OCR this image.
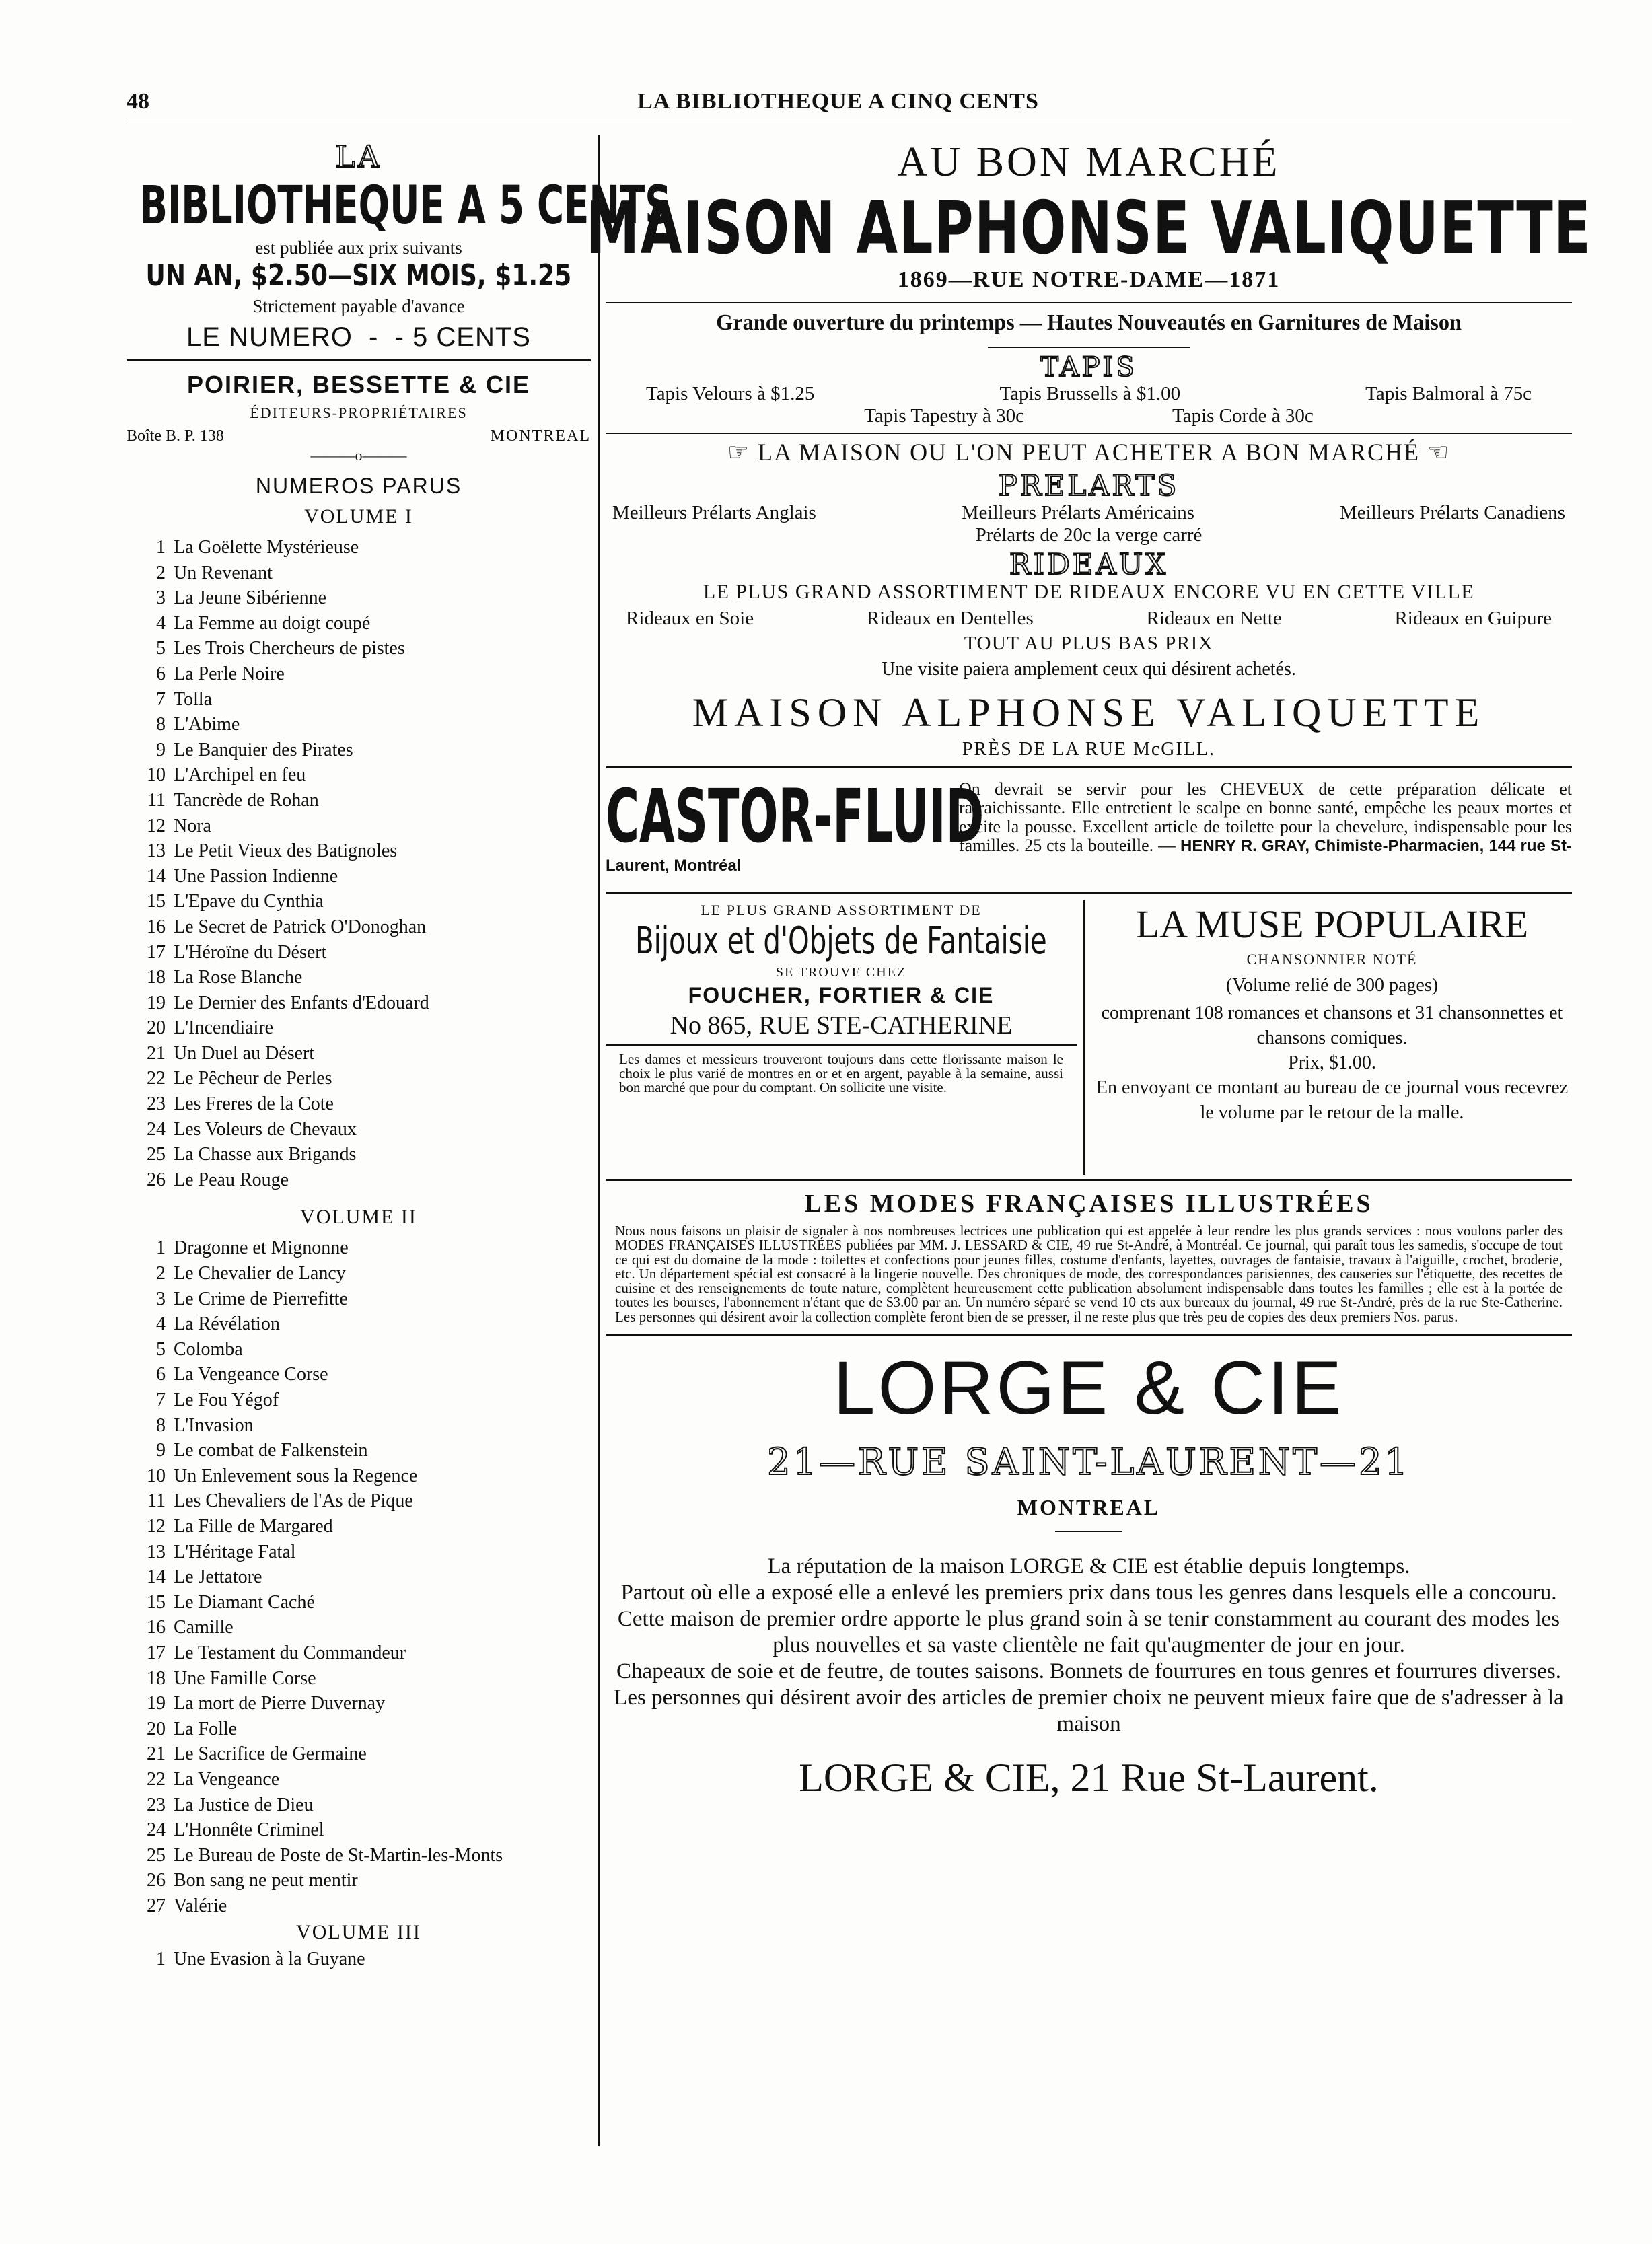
48	LA BIBLIOTHEQUE A CINQ CENTS
LA
BIBLIOTHEQUE A 5 CENTS
est publiée aux prix suivants
UN AN, $2.50—SIX MOIS, $1.25
Strictement payable d'avance
LE NUMERO  -  - 5 CENTS
POIRIER, BESSETTE & CIE
ÉDITEURS-PROPRIÉTAIRES
Boîte B. P. 138	MONTREAL
———o———
NUMEROS PARUS
VOLUME I
1 La Goëlette Mystérieuse
2 Un Revenant
3 La Jeune Sibérienne
4 La Femme au doigt coupé
5 Les Trois Chercheurs de pistes
6 La Perle Noire
7 Tolla
8 L'Abime
9 Le Banquier des Pirates
10 L'Archipel en feu
11 Tancrède de Rohan
12 Nora
13 Le Petit Vieux des Batignoles
14 Une Passion Indienne
15 L'Epave du Cynthia
16 Le Secret de Patrick O'Donoghan
17 L'Héroïne du Désert
18 La Rose Blanche
19 Le Dernier des Enfants d'Edouard
20 L'Incendiaire
21 Un Duel au Désert
22 Le Pêcheur de Perles
23 Les Freres de la Cote
24 Les Voleurs de Chevaux
25 La Chasse aux Brigands
26 Le Peau Rouge
VOLUME II
1 Dragonne et Mignonne
2 Le Chevalier de Lancy
3 Le Crime de Pierrefitte
4 La Révélation
5 Colomba
6 La Vengeance Corse
7 Le Fou Yégof
8 L'Invasion
9 Le combat de Falkenstein
10 Un Enlevement sous la Regence
11 Les Chevaliers de l'As de Pique
12 La Fille de Margared
13 L'Héritage Fatal
14 Le Jettatore
15 Le Diamant Caché
16 Camille
17 Le Testament du Commandeur
18 Une Famille Corse
19 La mort de Pierre Duvernay
20 La Folle
21 Le Sacrifice de Germaine
22 La Vengeance
23 La Justice de Dieu
24 L'Honnête Criminel
25 Le Bureau de Poste de St-Martin-les-Monts
26 Bon sang ne peut mentir
27 Valérie
VOLUME III
1 Une Evasion à la Guyane
AU BON MARCHÉ
MAISON ALPHONSE VALIQUETTE
1869—RUE NOTRE-DAME—1871
Grande ouverture du printemps — Hautes Nouveautés en Garnitures de Maison
TAPIS
Tapis Velours à $1.25	Tapis Brussells à $1.00	Tapis Balmoral à 75c
Tapis Tapestry à 30c	Tapis Corde à 30c
☞ LA MAISON OU L'ON PEUT ACHETER A BON MARCHÉ ☜
PRELARTS
Meilleurs Prélarts Anglais	Meilleurs Prélarts Américains	Meilleurs Prélarts Canadiens
Prélarts de 20c la verge carré
RIDEAUX
LE PLUS GRAND ASSORTIMENT DE RIDEAUX ENCORE VU EN CETTE VILLE
Rideaux en Soie	Rideaux en Dentelles	Rideaux en Nette	Rideaux en Guipure
TOUT AU PLUS BAS PRIX
Une visite paiera amplement ceux qui désirent achetés.
MAISON ALPHONSE VALIQUETTE
PRÈS DE LA RUE McGILL.
CASTOR-FLUID
On devrait se servir pour les CHEVEUX de cette préparation délicate et rafraichissante. Elle entretient le scalpe en bonne santé, empêche les peaux mortes et excite la pousse. Excellent article de toilette pour la chevelure, indispensable pour les familles. 25 cts la bouteille. — HENRY R. GRAY, Chimiste-Pharmacien, 144 rue St-Laurent, Montréal
LE PLUS GRAND ASSORTIMENT DE
Bijoux et d'Objets de Fantaisie
SE TROUVE CHEZ
FOUCHER, FORTIER & CIE
No 865, RUE STE-CATHERINE
Les dames et messieurs trouveront toujours dans cette florissante maison le choix le plus varié de montres en or et en argent, payable à la semaine, aussi bon marché que pour du comptant. On sollicite une visite.
LA MUSE POPULAIRE
CHANSONNIER NOTÉ
(Volume relié de 300 pages)
comprenant 108 romances et chansons et 31 chansonnettes et chansons comiques.
Prix, $1.00.
En envoyant ce montant au bureau de ce journal vous recevrez le volume par le retour de la malle.
LES MODES FRANÇAISES ILLUSTRÉES
Nous nous faisons un plaisir de signaler à nos nombreuses lectrices une publication qui est appelée à leur rendre les plus grands services : nous voulons parler des MODES FRANÇAISES ILLUSTRÉES publiées par MM. J. LESSARD & CIE, 49 rue St-André, à Montréal. Ce journal, qui paraît tous les samedis, s'occupe de tout ce qui est du domaine de la mode : toilettes et confections pour jeunes filles, costume d'enfants, layettes, ouvrages de fantaisie, travaux à l'aiguille, crochet, broderie, etc. Un département spécial est consacré à la lingerie nouvelle. Des chroniques de mode, des correspondances parisiennes, des causeries sur l'étiquette, des recettes de cuisine et des renseignements de toute nature, complètent heureusement cette publication absolument indispensable dans toutes les familles ; elle est à la portée de toutes les bourses, l'abonnement n'étant que de $3.00 par an. Un numéro séparé se vend 10 cts aux bureaux du journal, 49 rue St-André, près de la rue Ste-Catherine. Les personnes qui désirent avoir la collection complète feront bien de se presser, il ne reste plus que très peu de copies des deux premiers Nos. parus.
LORGE & CIE
21—RUE SAINT-LAURENT—21
MONTREAL
La réputation de la maison LORGE & CIE est établie depuis longtemps.
Partout où elle a exposé elle a enlevé les premiers prix dans tous les genres dans lesquels elle a concouru.
Cette maison de premier ordre apporte le plus grand soin à se tenir constamment au courant des modes les plus nouvelles et sa vaste clientèle ne fait qu'augmenter de jour en jour.
Chapeaux de soie et de feutre, de toutes saisons. Bonnets de fourrures en tous genres et fourrures diverses.
Les personnes qui désirent avoir des articles de premier choix ne peuvent mieux faire que de s'adresser à la maison
LORGE & CIE, 21 Rue St-Laurent.
